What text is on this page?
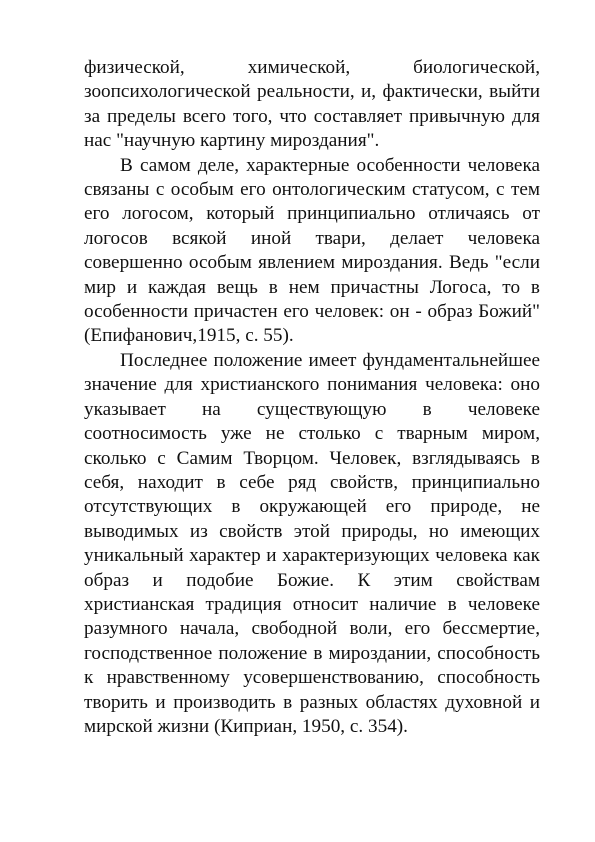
физической, химической, биологической, зоопсихологической реальности, и, фактически, выйти за пределы всего того, что составляет привычную для нас "научную картину мироздания".

В самом деле, характерные особенности человека связаны с особым его онтологическим статусом, с тем его логосом, который принципиально отличаясь от логосов всякой иной твари, делает человека совершенно особым явлением мироздания. Ведь "если мир и каждая вещь в нем причастны Логоса, то в особенности причастен его человек: он - образ Божий" (Епифанович,1915, с. 55).

Последнее положение имеет фундаментальнейшее значение для христианского понимания человека: оно указывает на существующую в человеке соотносимость уже не столько с тварным миром, сколько с Самим Творцом. Человек, взглядываясь в себя, находит в себе ряд свойств, принципиально отсутствующих в окружающей его природе, не выводимых из свойств этой природы, но имеющих уникальный характер и характеризующих человека как образ и подобие Божие. К этим свойствам христианская традиция относит наличие в человеке разумного начала, свободной воли, его бессмертие, господственное положение в мироздании, способность к нравственному усовершенствованию, способность творить и производить в разных областях духовной и мирской жизни (Киприан, 1950, с. 354).
